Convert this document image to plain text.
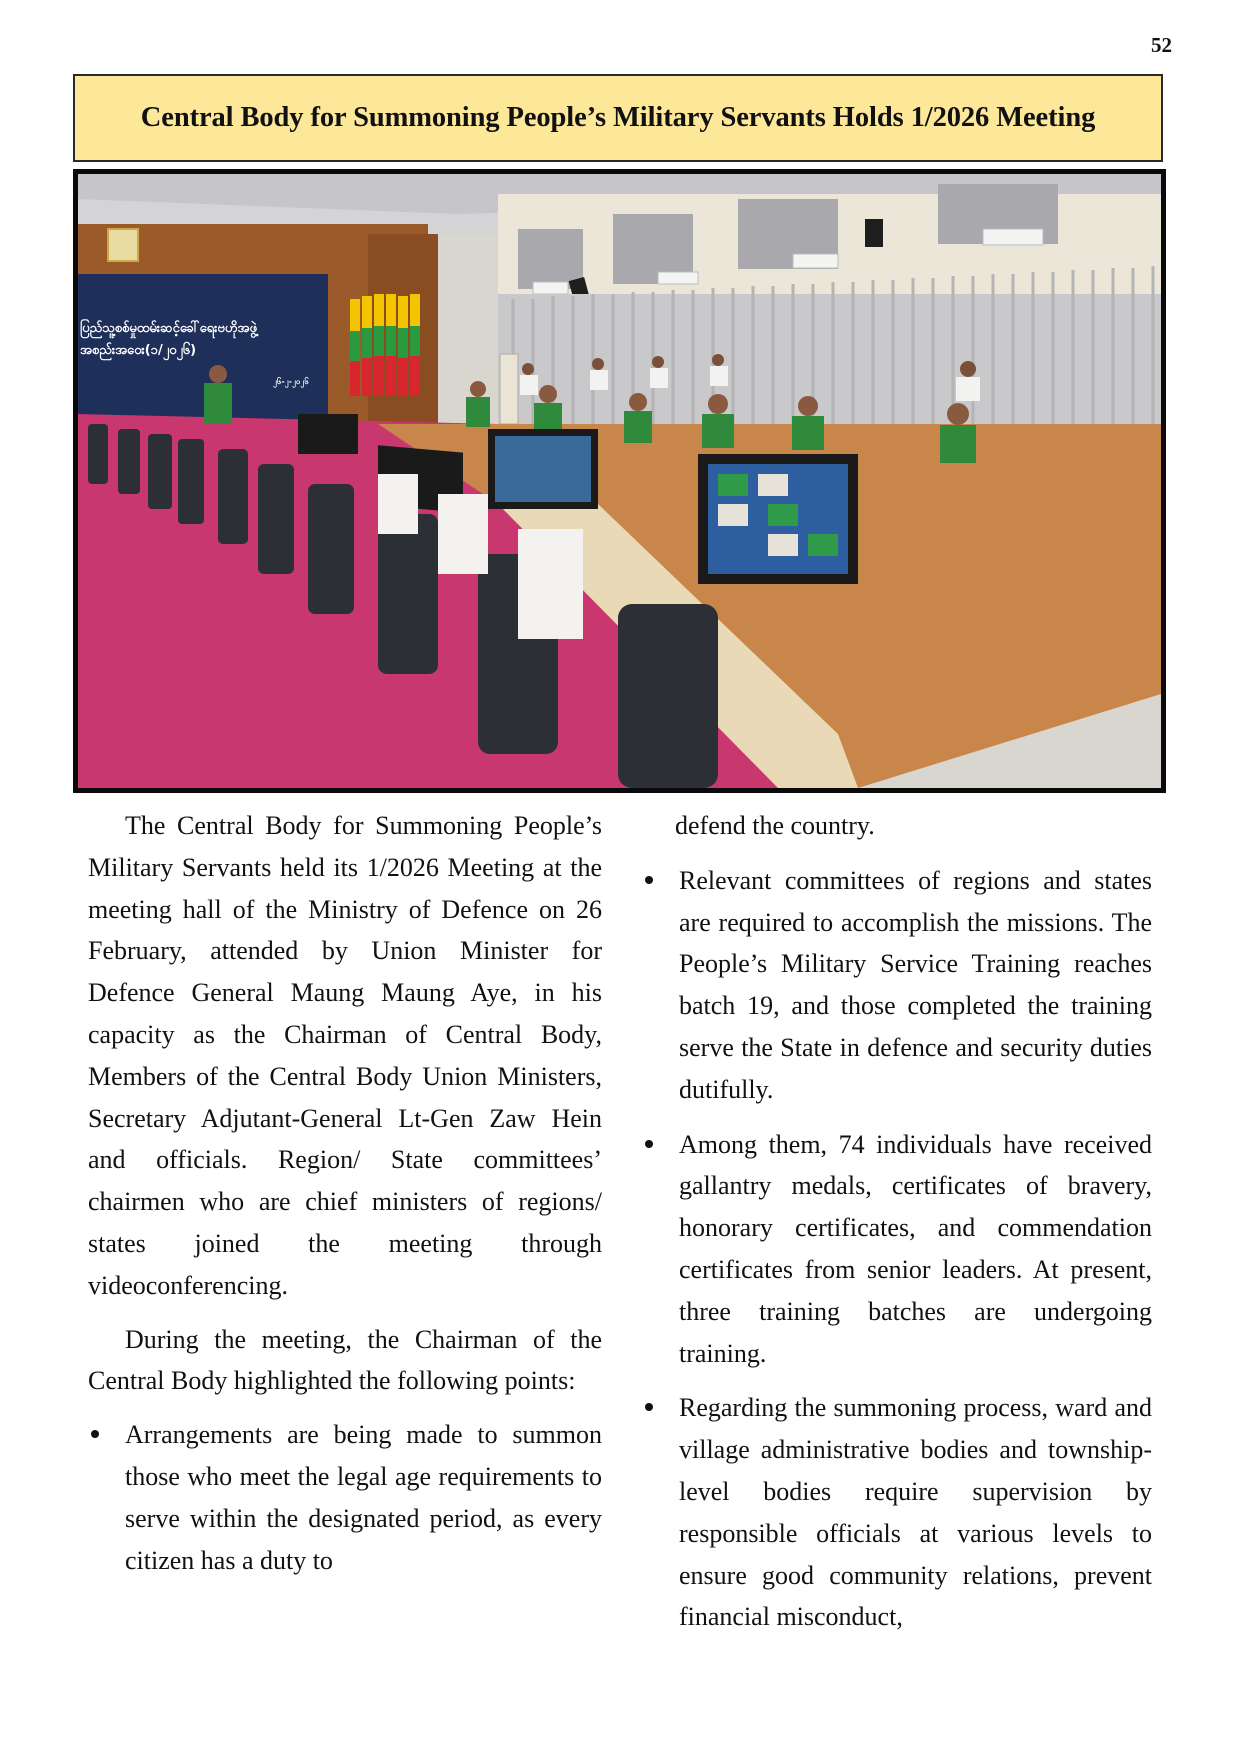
52
Central Body for Summoning People’s Military Servants Holds 1/2026 Meeting
ပြည်သူ့စစ်မှုထမ်းဆင့်ခေါ်ရေးဗဟိုအဖွဲ့
အစည်းအဝေး(၁/၂၀၂၆)
၂၆-၂-၂၀၂၆

The Central Body for Summoning People’s Military Servants held its 1/2026 Meeting at the meeting hall of the Ministry of Defence on 26 February, attended by Union Minister for Defence General Maung Maung Aye, in his capacity as the Chairman of Central Body, Members of the Central Body Union Ministers, Secretary Adjutant-General Lt-Gen Zaw Hein and officials. Region/ State committees’ chairmen who are chief ministers of regions/ states joined the meeting through videoconferencing.

During the meeting, the Chairman of the Central Body highlighted the following points:

Arrangements are being made to summon those who meet the legal age requirements to serve within the designated period, as every citizen has a duty to

defend the country.

Relevant committees of regions and states are required to accomplish the missions. The People’s Military Service Training reaches batch 19, and those completed the training serve the State in defence and security duties dutifully.
Among them, 74 individuals have received gallantry medals, certificates of bravery, honorary certificates, and commendation certificates from senior leaders. At present, three training batches are undergoing training.
Regarding the summoning process, ward and village administrative bodies and township-level bodies require supervision by responsible officials at various levels to ensure good community relations, prevent financial misconduct,
